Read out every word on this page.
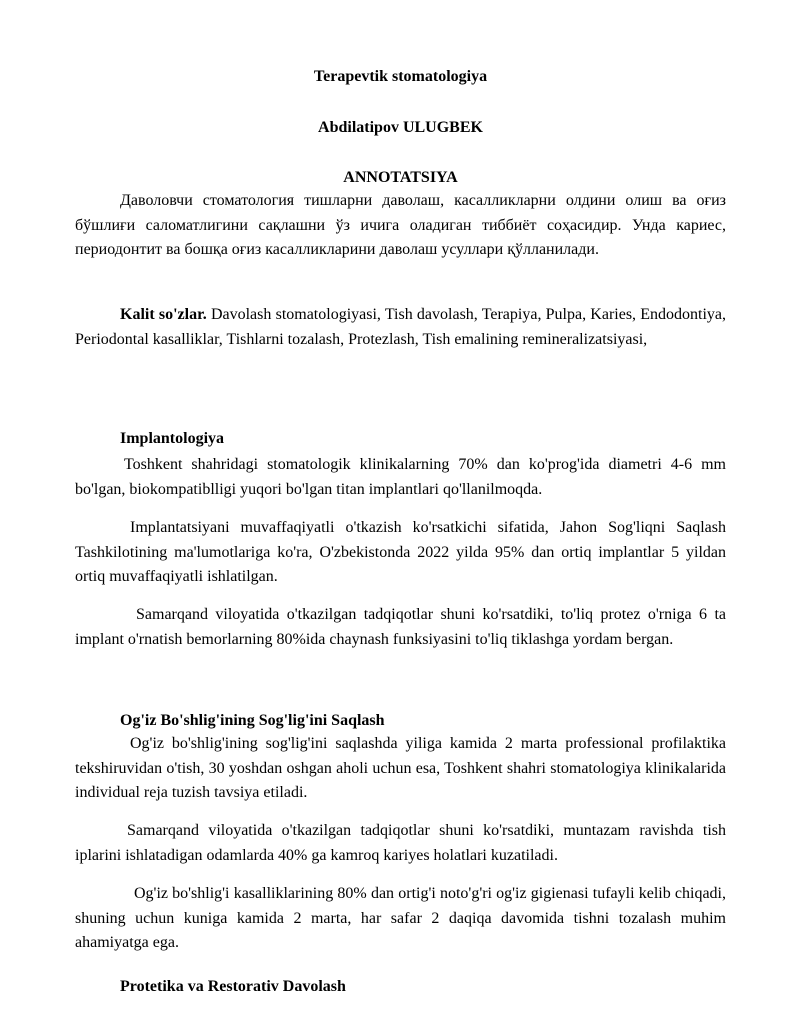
Terapevtik stomatologiya
Abdilatipov ULUGBEK
ANNOTATSIYA

Даволовчи стоматология тишларни даволаш, касалликларни олдини олиш ва оғиз бўшлиғи саломатлигини сақлашни ўз ичига оладиган тиббиёт соҳасидир. Унда кариес, периодонтит ва бошқа оғиз касалликларини даволаш усуллари қўлланилади.

Kalit so'zlar. Davolash stomatologiyasi, Tish davolash, Terapiya, Pulpa, Karies, Endodontiya, Periodontal kasalliklar, Tishlarni tozalash, Protezlash, Tish emalining remineralizatsiyasi,

Implantologiya

Toshkent shahridagi stomatologik klinikalarning 70% dan ko'prog'ida diametri 4-6 mm bo'lgan, biokompatiblligi yuqori bo'lgan titan implantlari qo'llanilmoqda.

Implantatsiyani muvaffaqiyatli o'tkazish ko'rsatkichi sifatida, Jahon Sog'liqni Saqlash Tashkilotining ma'lumotlariga ko'ra, O'zbekistonda 2022 yilda 95% dan ortiq implantlar 5 yildan ortiq muvaffaqiyatli ishlatilgan.

Samarqand viloyatida o'tkazilgan tadqiqotlar shuni ko'rsatdiki, to'liq protez o'rniga 6 ta implant o'rnatish bemorlarning 80%ida chaynash funksiyasini to'liq tiklashga yordam bergan.

Og'iz Bo'shlig'ining Sog'lig'ini Saqlash

Og'iz bo'shlig'ining sog'lig'ini saqlashda yiliga kamida 2 marta professional profilaktika tekshiruvidan o'tish, 30 yoshdan oshgan aholi uchun esa, Toshkent shahri stomatologiya klinikalarida individual reja tuzish tavsiya etiladi.

Samarqand viloyatida o'tkazilgan tadqiqotlar shuni ko'rsatdiki, muntazam ravishda tish iplarini ishlatadigan odamlarda 40% ga kamroq kariyes holatlari kuzatiladi.

Og'iz bo'shlig'i kasalliklarining 80% dan ortig'i noto'g'ri og'iz gigienasi tufayli kelib chiqadi, shuning uchun kuniga kamida 2 marta, har safar 2 daqiqa davomida tishni tozalash muhim ahamiyatga ega.

Protetika va Restorativ Davolash
